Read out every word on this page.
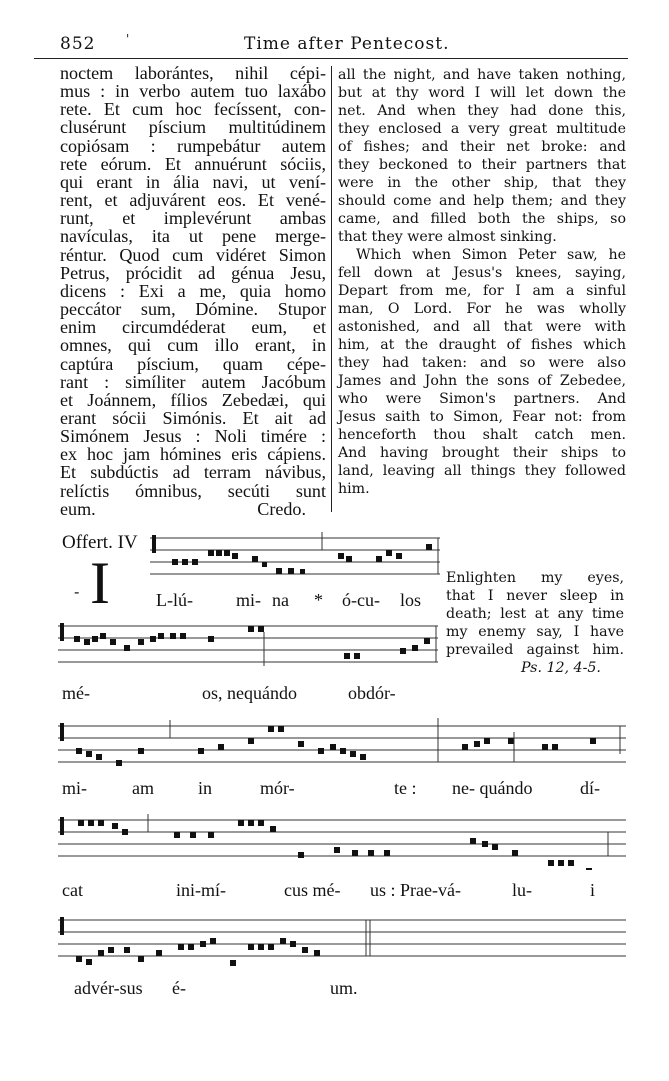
852	'	Time after Pentecost.
noctem laborántes, nihil cépi-
mus : in verbo autem tuo laxábo
rete. Et cum hoc fecíssent, con-
clusérunt píscium multitúdinem
copiósam : rumpebátur autem
rete eórum. Et annuérunt sóciis,
qui erant in ália navi, ut vení-
rent, et adjuvárent eos. Et vené-
runt, et implevérunt ambas
navículas, ita ut pene merge-
réntur. Quod cum vidéret Simon
Petrus, prócidit ad génua Jesu,
dicens : Exi a me, quia homo
peccátor sum, Dómine. Stupor
enim circumdéderat eum, et
omnes, qui cum illo erant, in
captúra píscium, quam cépe-
rant : simíliter autem Jacóbum
et Joánnem, fílios Zebedæi, qui
erant sócii Simónis. Et ait ad
Simónem Jesus : Noli timére :
ex hoc jam hómines eris cápiens.
Et subdúctis ad terram návibus,
relíctis ómnibus, secúti sunt
eum.	Credo.
all the night, and have taken nothing,
but at thy word I will let down the
net. And when they had done this,
they enclosed a very great multitude
of fishes; and their net broke: and
they beckoned to their partners that
were in the other ship, that they
should come and help them; and they
came, and filled both the ships, so
that they were almost sinking.
Which when Simon Peter saw, he
fell down at Jesus's knees, saying,
Depart from me, for I am a sinful
man, O Lord. For he was wholly
astonished, and all that were with
him, at the draught of fishes which
they had taken: and so were also
James and John the sons of Zebedee,
who were Simon's partners. And
Jesus saith to Simon, Fear not: from
henceforth thou shalt catch men.
And having brought their ships to
land, leaving all things they followed
him.
Offert. IV
- I	L-lú- mi- na * ó-cu- los
Enlighten my eyes,
that I never sleep in
death; lest at any time
my enemy say, I have
prevailed against him.
Ps. 12, 4-5.
mé-	os, nequándo	obdór-
mi-	am in	mór-	te : ne- quándo	dí-
cat	ini-mí-	cus mé- us : Prae-vá-	lu-	i
advér-sus é-	um.
